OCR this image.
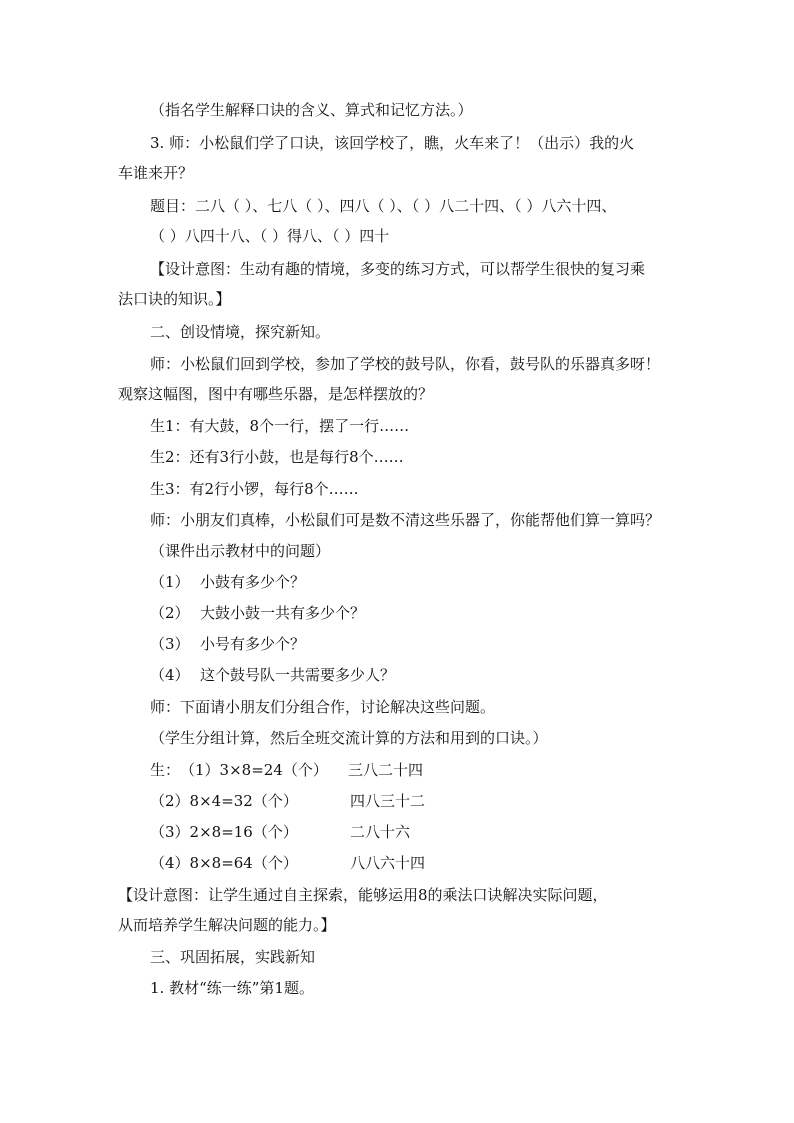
（指名学生解释口诀的含义、算式和记忆方法。）
3. 师：小松鼠们学了口诀，该回学校了，瞧，火车来了！（出示）我的火
车谁来开？
题目：二八（ ）、七八（ ）、四八（ ）、（ ）八二十四、（ ）八六十四、
（ ）八四十八、（ ）得八、（ ）四十
【设计意图：生动有趣的情境，多变的练习方式，可以帮学生很快的复习乘
法口诀的知识。】
二、创设情境，探究新知。
师：小松鼠们回到学校，参加了学校的鼓号队，你看，鼓号队的乐器真多呀！
观察这幅图，图中有哪些乐器，是怎样摆放的？
生1：有大鼓，8个一行，摆了一行……
生2：还有3行小鼓，也是每行8个……
生3：有2行小锣，每行8个……
师：小朋友们真棒，小松鼠们可是数不清这些乐器了，你能帮他们算一算吗？
（课件出示教材中的问题）
（1） 小鼓有多少个？
（2） 大鼓小鼓一共有多少个？
（3） 小号有多少个？
（4） 这个鼓号队一共需要多少人？
师：下面请小朋友们分组合作，讨论解决这些问题。
（学生分组计算，然后全班交流计算的方法和用到的口诀。）
生：（1）3×8=24（个） 三八二十四
（2）8×4=32（个）	四八三十二
（3）2×8=16（个）	二八十六
（4）8×8=64（个）	八八六十四
【设计意图：让学生通过自主探索，能够运用8的乘法口诀解决实际问题，
从而培养学生解决问题的能力。】
三、巩固拓展，实践新知
1. 教材“练一练”第1题。
